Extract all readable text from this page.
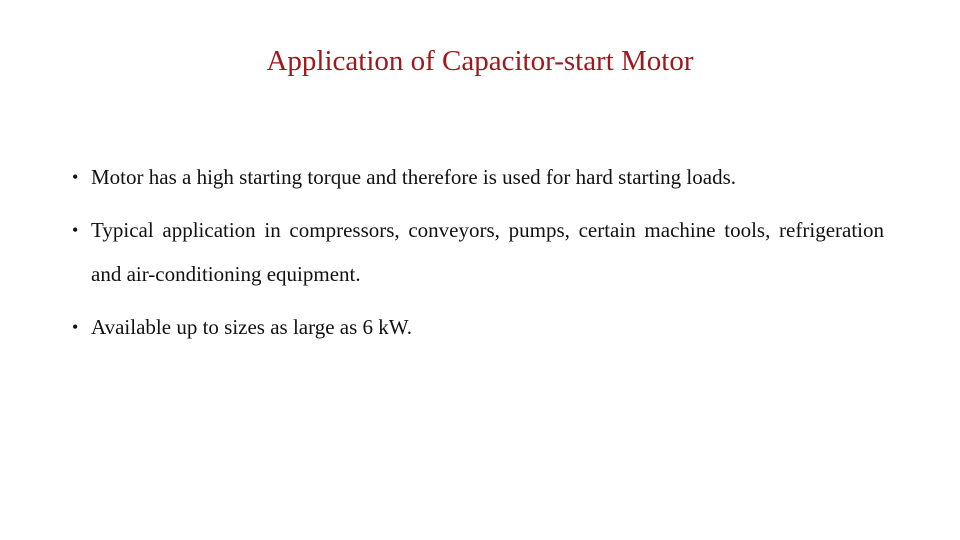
Application of Capacitor-start Motor
• Motor has a high starting torque and therefore is used for hard starting loads.
• Typical application in compressors, conveyors, pumps, certain machine tools, refrigeration and air-conditioning equipment.
• Available up to sizes as large as 6 kW.
